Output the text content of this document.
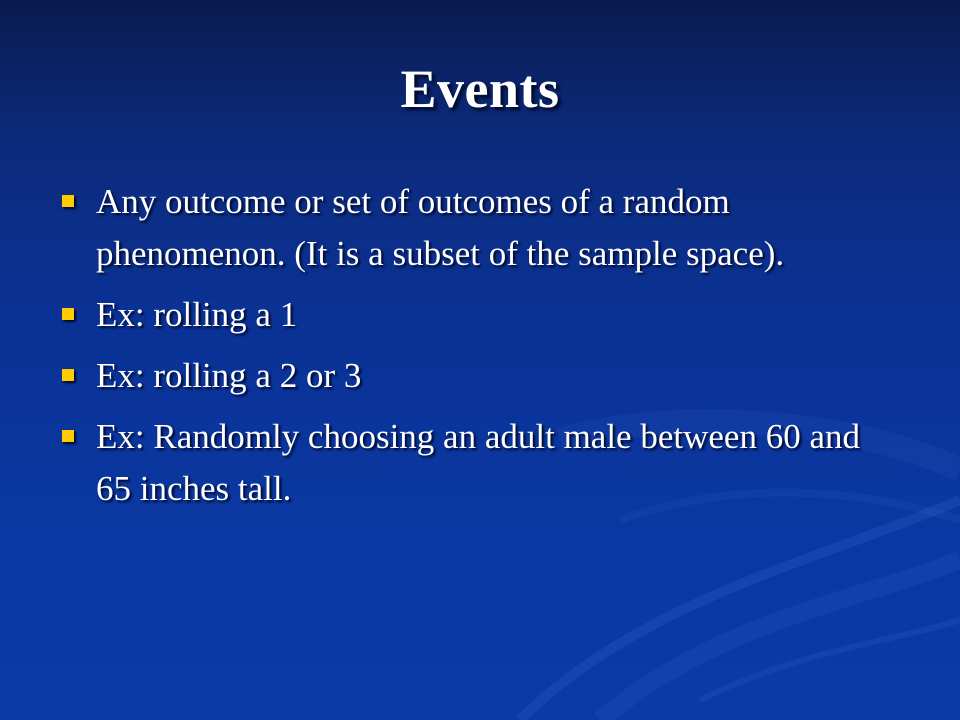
Events
Any outcome or set of outcomes of a random phenomenon. (It is a subset of the sample space).
Ex: rolling a 1
Ex: rolling a 2 or 3
Ex: Randomly choosing an adult male between 60 and 65 inches tall.
